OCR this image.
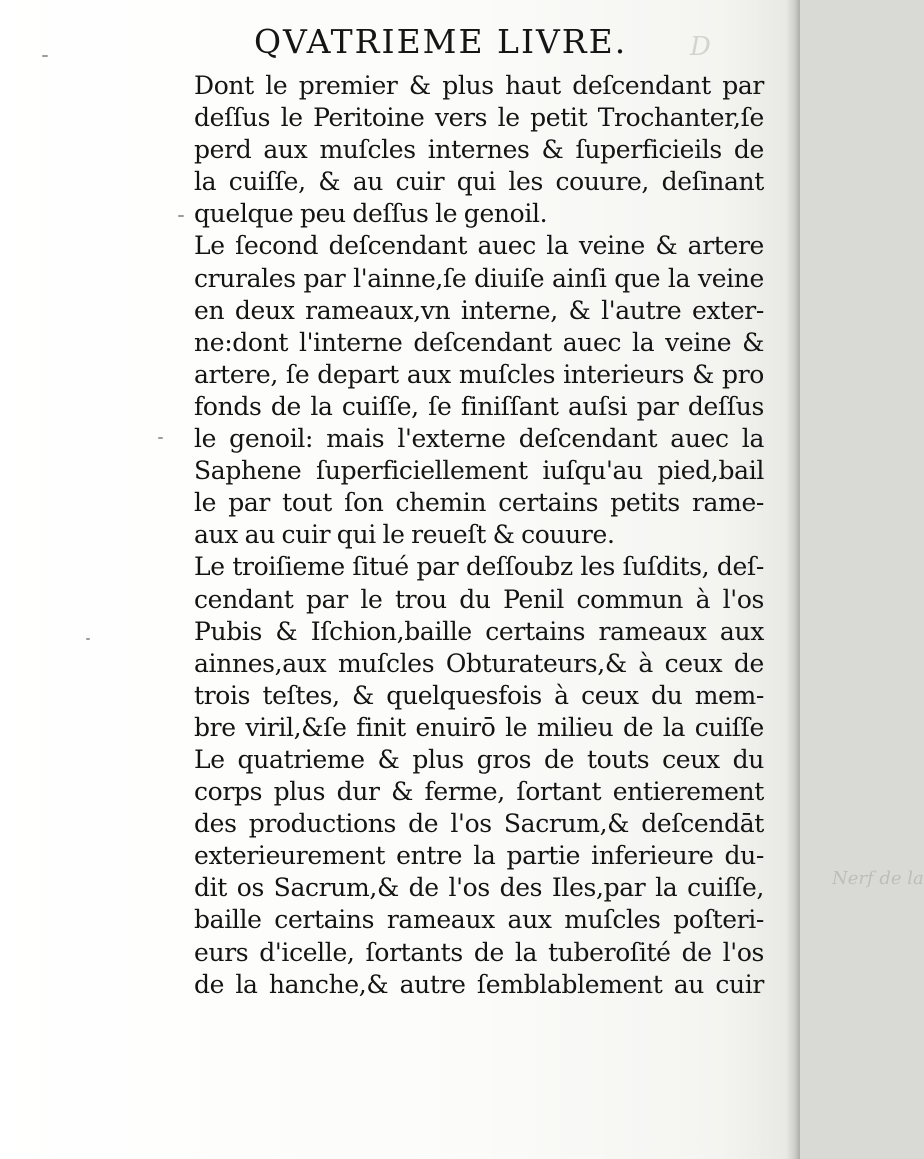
D
Nerf de la
QVATRIEME LIVRE.
Dont le premier & plus haut deſcendant par
deſſus le Peritoine vers le petit Trochanter,ſe
perd aux muſcles internes & ſuperficieils de
la cuiſſe, & au cuir qui les couure, deſinant
quelque peu deſſus le genoil.
Le ſecond deſcendant auec la veine & artere
crurales par l'ainne,ſe diuiſe ainſi que la veine
en deux rameaux,vn interne, & l'autre exter-
ne:dont l'interne deſcendant auec la veine &
artere, ſe depart aux muſcles interieurs & pro
fonds de la cuiſſe, ſe finiſſant auſsi par deſſus
le genoil: mais l'externe deſcendant auec la
Saphene ſuperficiellement iuſqu'au pied,bail
le par tout ſon chemin certains petits rame-
aux au cuir qui le reueſt & couure.
Le troiſieme ſitué par deſſoubz les ſuſdits, deſ-
cendant par le trou du Penil commun à l'os
Pubis & Iſchion,baille certains rameaux aux
ainnes,aux muſcles Obturateurs,& à ceux de
trois teſtes, & quelquesfois à ceux du mem-
bre viril,&ſe finit enuirō le milieu de la cuiſſe
Le quatrieme & plus gros de touts ceux du
corps plus dur & ferme, ſortant entierement
des productions de l'os Sacrum,& deſcendāt
exterieurement entre la partie inferieure du-
dit os Sacrum,& de l'os des Iles,par la cuiſſe,
baille certains rameaux aux muſcles poſteri-
eurs d'icelle, ſortants de la tuberoſité de l'os
de la hanche,& autre ſemblablement au cuir
